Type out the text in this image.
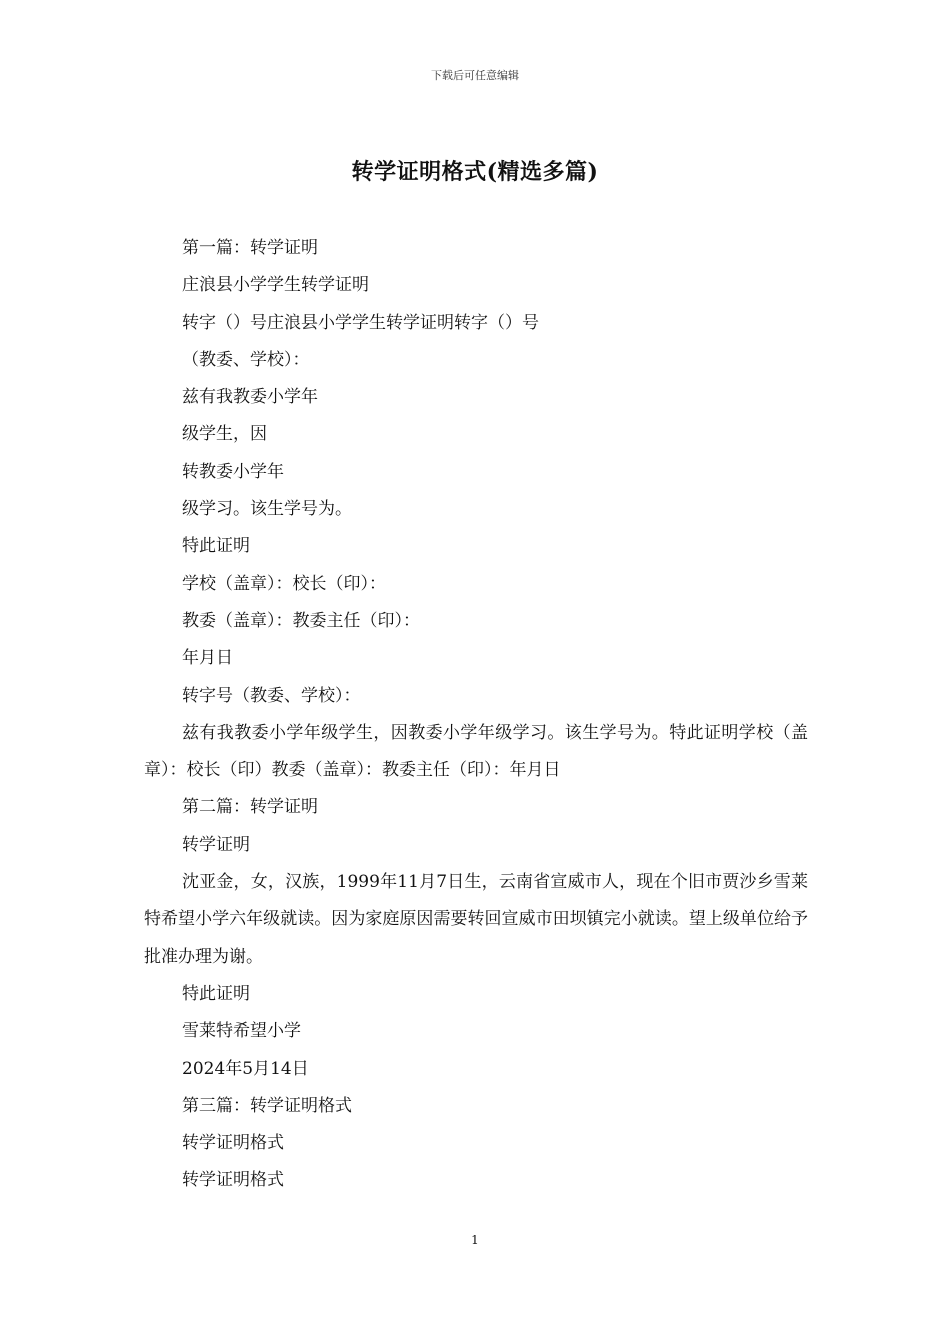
下载后可任意编辑
转学证明格式(精选多篇)

第一篇：转学证明

庄浪县小学学生转学证明

转字（）号庄浪县小学学生转学证明转字（）号

（教委、学校）：

兹有我教委小学年

级学生，因

转教委小学年

级学习。该生学号为。

特此证明

学校（盖章）：校长（印）：

教委（盖章）：教委主任（印）：

年月日

转字号（教委、学校）：

兹有我教委小学年级学生，因教委小学年级学习。该生学号为。特此证明学校（盖章）：校长（印）教委（盖章）：教委主任（印）：年月日

第二篇：转学证明

转学证明

沈亚金，女，汉族，1999年11月7日生，云南省宣威市人，现在个旧市贾沙乡雪莱特希望小学六年级就读。因为家庭原因需要转回宣威市田坝镇完小就读。望上级单位给予批准办理为谢。

特此证明

雪莱特希望小学

2024年5月14日

第三篇：转学证明格式

转学证明格式

转学证明格式

1
